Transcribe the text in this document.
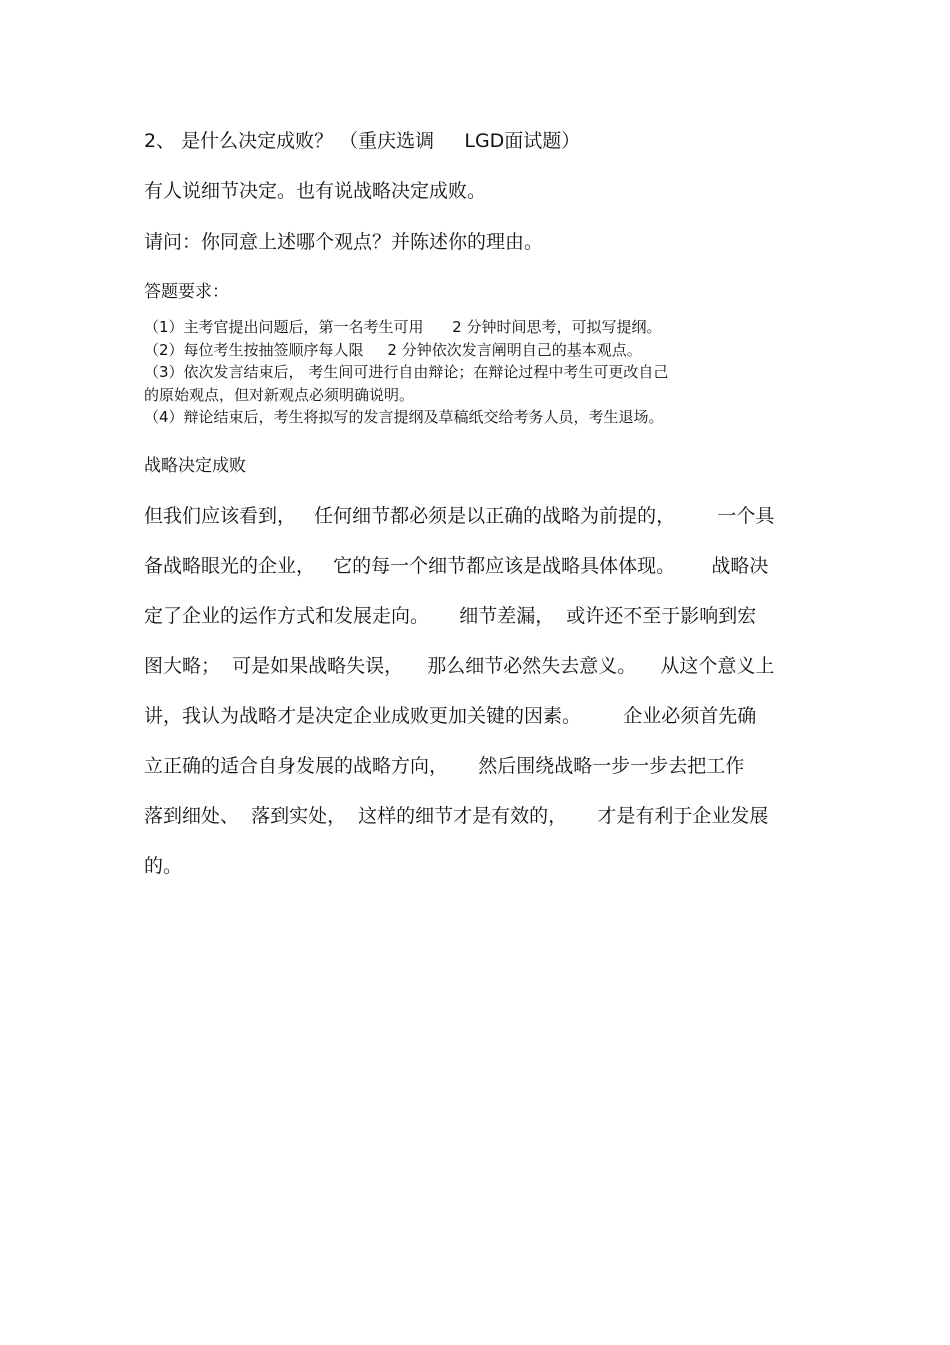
2、 是什么决定成败？ （重庆选调     LGD面试题）

有人说细节决定。也有说战略决定成败。

请问：你同意上述哪个观点？并陈述你的理由。

答题要求：

（1）主考官提出问题后，第一名考生可用      2 分钟时间思考，可拟写提纲。
（2）每位考生按抽签顺序每人限     2 分钟依次发言阐明自己的基本观点。
（3）依次发言结束后， 考生间可进行自由辩论；在辩论过程中考生可更改自己
的原始观点，但对新观点必须明确说明。
（4）辩论结束后，考生将拟写的发言提纲及草稿纸交给考务人员，考生退场。

战略决定成败

但我们应该看到，   任何细节都必须是以正确的战略为前提的，       一个具
备战略眼光的企业，   它的每一个细节都应该是战略具体体现。      战略决
定了企业的运作方式和发展走向。     细节差漏，  或许还不至于影响到宏
图大略；  可是如果战略失误，    那么细节必然失去意义。    从这个意义上
讲，我认为战略才是决定企业成败更加关键的因素。       企业必须首先确
立正确的适合自身发展的战略方向，     然后围绕战略一步一步去把工作
落到细处、  落到实处，  这样的细节才是有效的，     才是有利于企业发展
的。
